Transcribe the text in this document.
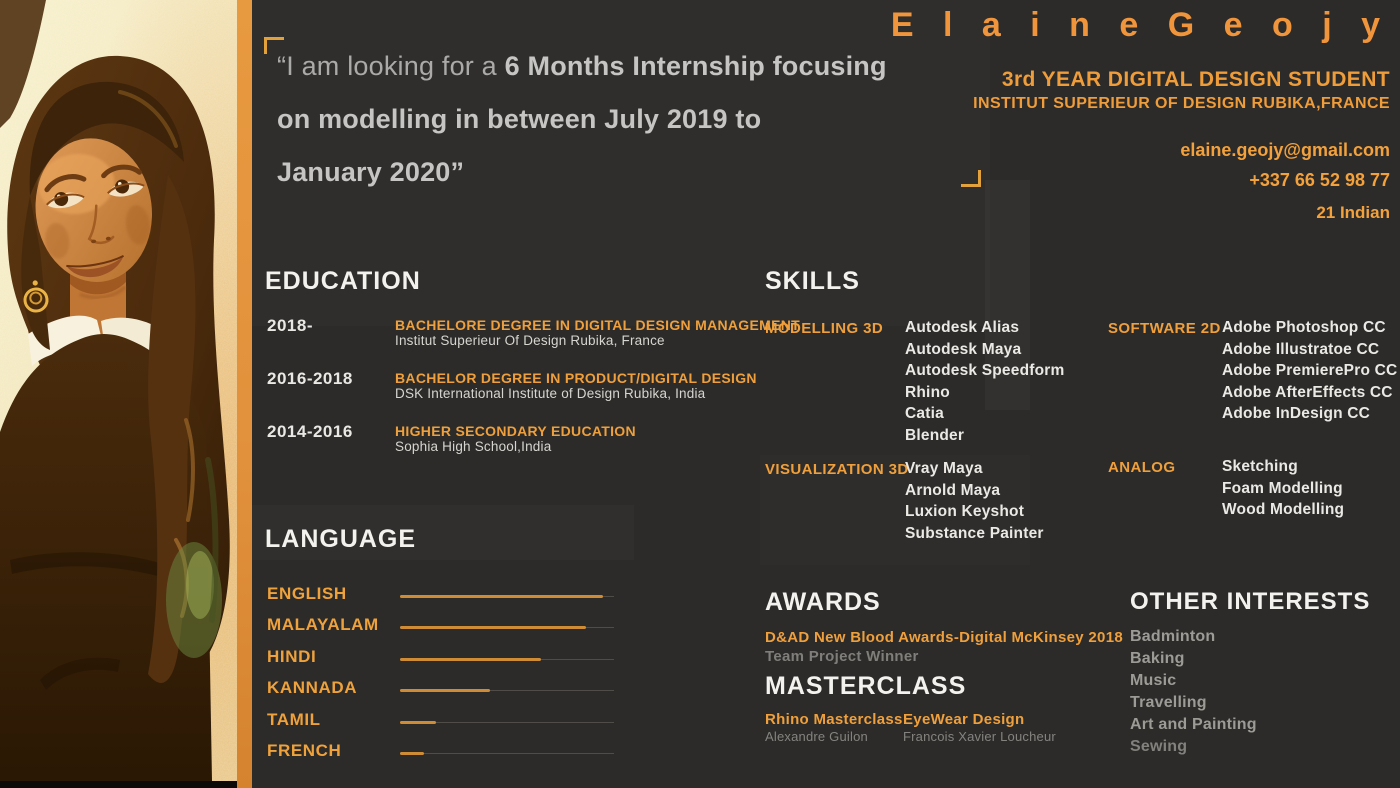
“I am looking for a 6 Months Internship focusing
on modelling in between July 2019 to
January 2020”
E l a i n e G e o j y
3rd YEAR DIGITAL DESIGN STUDENT
INSTITUT SUPERIEUR OF DESIGN RUBIKA,FRANCE
elaine.geojy@gmail.com
+337 66 52 98 77
21 Indian
EDUCATION
2018-	BACHELORE DEGREE IN DIGITAL DESIGN MANAGEMENT
Institut Superieur Of Design Rubika, France
2016-2018	BACHELOR DEGREE IN PRODUCT/DIGITAL DESIGN
DSK International Institute of Design Rubika, India
2014-2016	HIGHER SECONDARY EDUCATION
Sophia High School,India
LANGUAGE
ENGLISH
MALAYALAM
HINDI
KANNADA
TAMIL
FRENCH
SKILLS
MODELLING 3D Autodesk Alias
Autodesk Maya
Autodesk Speedform
Rhino
Catia
Blender
VISUALIZATION 3D
Vray Maya
Arnold Maya
Luxion Keyshot
Substance Painter
SOFTWARE 2D Adobe Photoshop CC
Adobe Illustratoe CC
Adobe PremierePro CC
Adobe AfterEffects CC
Adobe InDesign CC
ANALOG	Sketching
Foam Modelling
Wood Modelling
AWARDS
D&AD New Blood Awards-Digital McKinsey 2018
Team Project Winner
MASTERCLASS
Rhino Masterclass
Alexandre Guilon
EyeWear Design
Francois Xavier Loucheur
OTHER INTERESTS
Badminton
Baking
Music
Travelling
Art and Painting
Sewing
